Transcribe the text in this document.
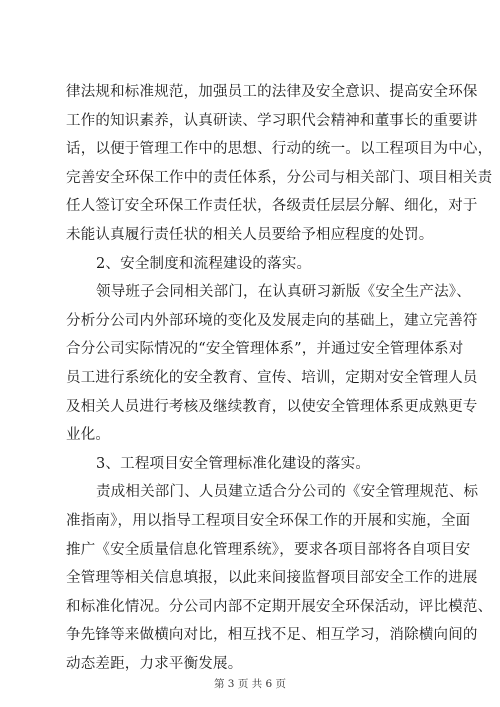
律法规和标准规范，加强员工的法律及安全意识、提高安全环保
工作的知识素养，认真研读、学习职代会精神和董事长的重要讲
话，以便于管理工作中的思想、行动的统一。以工程项目为中心，
完善安全环保工作中的责任体系，分公司与相关部门、项目相关责
任人签订安全环保工作责任状，各级责任层层分解、细化，对于
未能认真履行责任状的相关人员要给予相应程度的处罚。

2、安全制度和流程建设的落实。

领导班子会同相关部门，在认真研习新版《安全生产法》、
分析分公司内外部环境的变化及发展走向的基础上，建立完善符
合分公司实际情况的“安全管理体系”，并通过安全管理体系对
员工进行系统化的安全教育、宣传、培训，定期对安全管理人员
及相关人员进行考核及继续教育，以使安全管理体系更成熟更专
业化。

3、工程项目安全管理标准化建设的落实。

责成相关部门、人员建立适合分公司的《安全管理规范、标
准指南》，用以指导工程项目安全环保工作的开展和实施，全面
推广《安全质量信息化管理系统》，要求各项目部将各自项目安
全管理等相关信息填报，以此来间接监督项目部安全工作的进展
和标准化情况。分公司内部不定期开展安全环保活动，评比模范、
争先锋等来做横向对比，相互找不足、相互学习，消除横向间的
动态差距，力求平衡发展。

第 3 页 共 6 页
